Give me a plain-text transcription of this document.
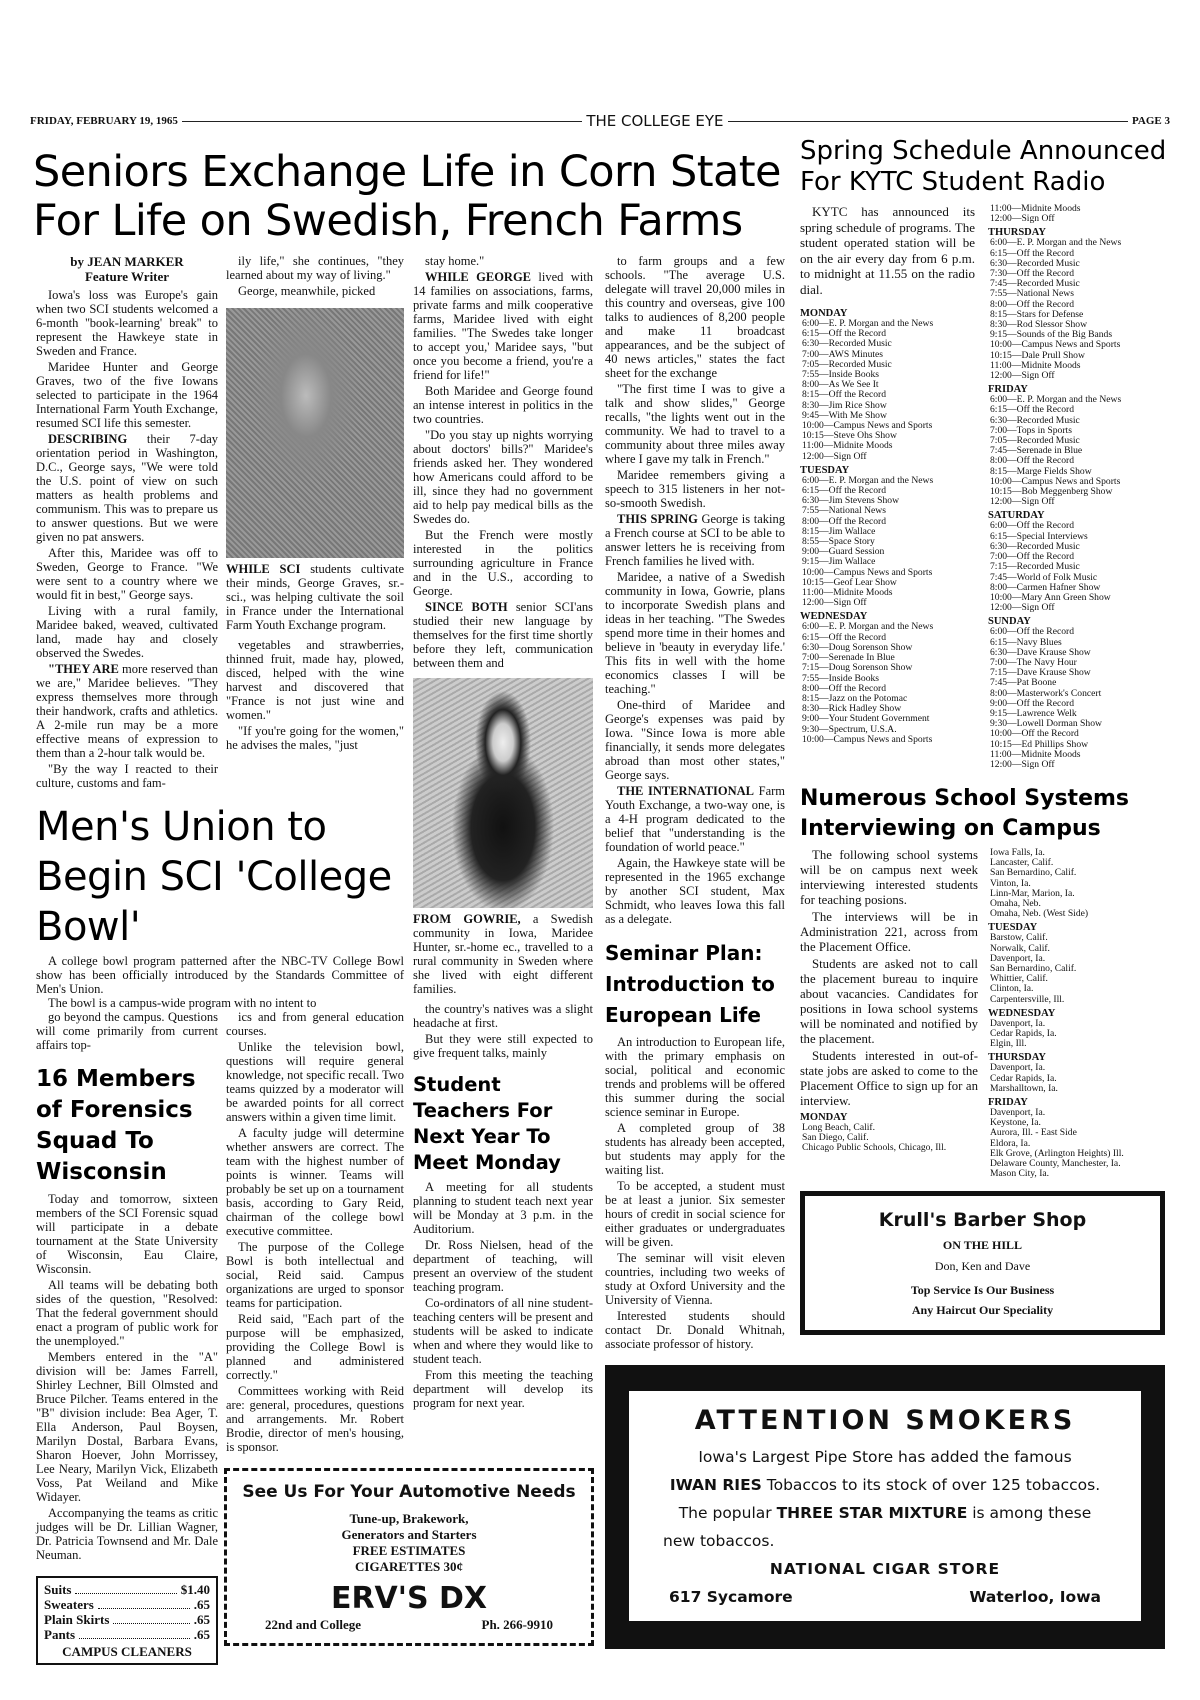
FRIDAY, FEBRUARY 19, 1965	THE COLLEGE EYE	PAGE 3
Seniors Exchange Life in Corn State For Life on Swedish, French Farms
by JEAN MARKER
Feature Writer

Iowa's loss was Europe's gain when two SCI students welcomed a 6-month ''book-learning' break'' to represent the Hawkeye state in Sweden and France.

Maridee Hunter and George Graves, two of the five Iowans selected to participate in the 1964 International Farm Youth Exchange, resumed SCI life this semester.

DESCRIBING their 7-day orientation period in Washington, D.C., George says, "We were told the U.S. point of view on such matters as health problems and communism. This was to prepare us to answer questions. But we were given no pat answers.

After this, Maridee was off to Sweden, George to France. "We were sent to a country where we would fit in best," George says.

Living with a rural family, Maridee baked, weaved, cultivated land, made hay and closely observed the Swedes.

"THEY ARE more reserved than we are," Maridee believes. "They express themselves more through their handwork, crafts and athletics. A 2-mile run may be a more effective means of expression to them than a 2-hour talk would be.

"By the way I reacted to their culture, customs and fam-

ily life," she continues, "they learned about my way of living."

George, meanwhile, picked

WHILE SCI students cultivate their minds, George Graves, sr.-sci., was helping cultivate the soil in France under the International Farm Youth Exchange program.

vegetables and strawberries, thinned fruit, made hay, plowed, disced, helped with the wine harvest and discovered that "France is not just wine and women."

"If you're going for the women," he advises the males, "just

stay home."

WHILE GEORGE lived with 14 families on associations, farms, private farms and milk cooperative farms, Maridee lived with eight families. "The Swedes take longer to accept you,' Maridee says, "but once you become a friend, you're a friend for life!"

Both Maridee and George found an intense interest in politics in the two countries.

"Do you stay up nights worrying about doctors' bills?" Maridee's friends asked her. They wondered how Americans could afford to be ill, since they had no government aid to help pay medical bills as the Swedes do.

But the French were mostly interested in the politics surrounding agriculture in France and in the U.S., according to George.

SINCE BOTH senior SCI'ans studied their new language by themselves for the first time shortly before they left, communication between them and

FROM GOWRIE, a Swedish community in Iowa, Maridee Hunter, sr.-home ec., travelled to a rural community in Sweden where she lived with eight different families.

the country's natives was a slight headache at first.

But they were still expected to give frequent talks, mainly

Student Teachers For Next Year To Meet Monday

A meeting for all students planning to student teach next year will be Monday at 3 p.m. in the Auditorium.

Dr. Ross Nielsen, head of the department of teaching, will present an overview of the student teaching program.

Co-ordinators of all nine student-teaching centers will be present and students will be asked to indicate when and where they would like to student teach.

From this meeting the teaching department will develop its program for next year.

to farm groups and a few schools. "The average U.S. delegate will travel 20,000 miles in this country and overseas, give 100 talks to audiences of 8,200 people and make 11 broadcast appearances, and be the subject of 40 news articles," states the fact sheet for the exchange

"The first time I was to give a talk and show slides," George recalls, "the lights went out in the community. We had to travel to a community about three miles away where I gave my talk in French."

Maridee remembers giving a speech to 315 listeners in her not-so-smooth Swedish.

THIS SPRING George is taking a French course at SCI to be able to answer letters he is receiving from French families he lived with.

Maridee, a native of a Swedish community in Iowa, Gowrie, plans to incorporate Swedish plans and ideas in her teaching. "The Swedes spend more time in their homes and believe in 'beauty in everyday life.' This fits in well with the home economics classes I will be teaching."

One-third of Maridee and George's expenses was paid by Iowa. "Since Iowa is more able financially, it sends more delegates abroad than most other states," George says.

THE INTERNATIONAL Farm Youth Exchange, a two-way one, is a 4-H program dedicated to the belief that "understanding is the foundation of world peace."

Again, the Hawkeye state will be represented in the 1965 exchange by another SCI student, Max Schmidt, who leaves Iowa this fall as a delegate.

Seminar Plan: Introduction to European Life

An introduction to European life, with the primary emphasis on social, political and economic trends and problems will be offered this summer during the social science seminar in Europe.

A completed group of 38 students has already been accepted, but students may apply for the waiting list.

To be accepted, a student must be at least a junior. Six semester hours of credit in social science for either graduates or undergraduates will be given.

The seminar will visit eleven countries, including two weeks of study at Oxford University and the University of Vienna.

Interested students should contact Dr. Donald Whitnah, associate professor of history.

Men's Union to Begin SCI 'College Bowl'

A college bowl program patterned after the NBC-TV College Bowl show has been officially introduced by the Standards Committee of Men's Union.

The bowl is a campus-wide program with no intent to

go beyond the campus. Questions will come primarily from current affairs top-

ics and from general education courses.

Unlike the television bowl, questions will require general knowledge, not specific recall. Two teams quizzed by a moderator will be awarded points for all correct answers within a given time limit.

A faculty judge will determine whether answers are correct. The team with the highest number of points is winner. Teams will probably be set up on a tournament basis, according to Gary Reid, chairman of the college bowl executive committee.

The purpose of the College Bowl is both intellectual and social, Reid said. Campus organizations are urged to sponsor teams for participation.

Reid said, "Each part of the purpose will be emphasized, providing the College Bowl is planned and administered correctly."

Committees working with Reid are: general, procedures, questions and arrangements. Mr. Robert Brodie, director of men's housing, is sponsor.

16 Members of Forensics Squad To Wisconsin

Today and tomorrow, sixteen members of the SCI Forensic squad will participate in a debate tournament at the State University of Wisconsin, Eau Claire, Wisconsin.

All teams will be debating both sides of the question, "Resolved: That the federal government should enact a program of public work for the unemployed."

Members entered in the "A" division will be: James Farrell, Shirley Lechner, Bill Olmsted and Bruce Pilcher. Teams entered in the "B" division include: Bea Ager, T. Ella Anderson, Paul Boysen, Marilyn Dostal, Barbara Evans, Sharon Hoever, John Morrissey, Lee Neary, Marilyn Vick, Elizabeth Voss, Pat Weiland and Mike Widayer.

Accompanying the teams as critic judges will be Dr. Lillian Wagner, Dr. Patricia Townsend and Mr. Dale Neuman.

Suits	$1.40
Sweaters	.65
Plain Skirts	.65
Pants	.65
CAMPUS CLEANERS
See Us For Your Automotive Needs
Tune-up, Brakework,
Generators and Starters
FREE ESTIMATES
CIGARETTES 30¢
ERV'S DX
22nd and College	Ph. 266-9910
Spring Schedule Announced For KYTC Student Radio

KYTC has announced its spring schedule of programs. The student operated station will be on the air every day from 6 p.m. to midnight at 11.55 on the radio dial.

MONDAY
6:00—E. P. Morgan and the News
6:15—Off the Record
6:30—Recorded Music
7:00—AWS Minutes
7:05—Recorded Music
7:55—Inside Books
8:00—As We See It
8:15—Off the Record
8:30—Jim Rice Show
9:45—With Me Show
10:00—Campus News and Sports
10:15—Steve Ohs Show
11:00—Midnite Moods
12:00—Sign Off
TUESDAY
6:00—E. P. Morgan and the News
6:15—Off the Record
6:30—Jim Stevens Show
7:55—National News
8:00—Off the Record
8:15—Jim Wallace
8:55—Space Story
9:00—Guard Session
9:15—Jim Wallace
10:00—Campus News and Sports
10:15—Geof Lear Show
11:00—Midnite Moods
12:00—Sign Off
WEDNESDAY
6:00—E. P. Morgan and the News
6:15—Off the Record
6:30—Doug Sorenson Show
7:00—Serenade In Blue
7:15—Doug Sorenson Show
7:55—Inside Books
8:00—Off the Record
8:15—Jazz on the Potomac
8:30—Rick Hadley Show
9:00—Your Student Government
9:30—Spectrum, U.S.A.
10:00—Campus News and Sports
11:00—Midnite Moods
12:00—Sign Off
THURSDAY
6:00—E. P. Morgan and the News
6:15—Off the Record
6:30—Recorded Music
7:30—Off the Record
7:45—Recorded Music
7:55—National News
8:00—Off the Record
8:15—Stars for Defense
8:30—Rod Slessor Show
9:15—Sounds of the Big Bands
10:00—Campus News and Sports
10:15—Dale Prull Show
11:00—Midnite Moods
12:00—Sign Off
FRIDAY
6:00—E. P. Morgan and the News
6:15—Off the Record
6:30—Recorded Music
7:00—Tops in Sports
7:05—Recorded Music
7:45—Serenade in Blue
8:00—Off the Record
8:15—Marge Fields Show
10:00—Campus News and Sports
10:15—Bob Meggenberg Show
12:00—Sign Off
SATURDAY
6:00—Off the Record
6:15—Special Interviews
6:30—Recorded Music
7:00—Off the Record
7:15—Recorded Music
7:45—World of Folk Music
8:00—Carmen Hafner Show
10:00—Mary Ann Green Show
12:00—Sign Off
SUNDAY
6:00—Off the Record
6:15—Navy Blues
6:30—Dave Krause Show
7:00—The Navy Hour
7:15—Dave Krause Show
7:45—Pat Boone
8:00—Masterwork's Concert
9:00—Off the Record
9:15—Lawrence Welk
9:30—Lowell Dorman Show
10:00—Off the Record
10:15—Ed Phillips Show
11:00—Midnite Moods
12:00—Sign Off
Numerous School Systems Interviewing on Campus

The following school systems will be on campus next week interviewing interested students for teaching posions.

The interviews will be in Administration 221, across from the Placement Office.

Students are asked not to call the placement bureau to inquire about vacancies. Candidates for positions in Iowa school systems will be nominated and notified by the placement.

Students interested in out-of-state jobs are asked to come to the Placement Office to sign up for an interview.

MONDAY
Long Beach, Calif.
San Diego, Calif.
Chicago Public Schools, Chicago, Ill.
Iowa Falls, Ia.
Lancaster, Calif.
San Bernardino, Calif.
Vinton, Ia.
Linn-Mar, Marion, Ia.
Omaha, Neb.
Omaha, Neb. (West Side)
TUESDAY
Barstow, Calif.
Norwalk, Calif.
Davenport, Ia.
San Bernardino, Calif.
Whittier, Calif.
Clinton, Ia.
Carpentersville, Ill.
WEDNESDAY
Davenport, Ia.
Cedar Rapids, Ia.
Elgin, Ill.
THURSDAY
Davenport, Ia.
Cedar Rapids, Ia.
Marshalltown, Ia.
FRIDAY
Davenport, Ia.
Keystone, Ia.
Aurora, Ill. - East Side
Eldora, Ia.
Elk Grove, (Arlington Heights) Ill.
Delaware County, Manchester, Ia.
Mason City, Ia.
Krull's Barber Shop
ON THE HILL
Don, Ken and Dave
Top Service Is Our Business
Any Haircut Our Speciality
ATTENTION SMOKERS
Iowa's Largest Pipe Store has added the famous
IWAN RIES Tobaccos to its stock of over 125 tobaccos.
The popular THREE STAR MIXTURE is among these
new tobaccos.
NATIONAL CIGAR STORE
617 Sycamore	Waterloo, Iowa
